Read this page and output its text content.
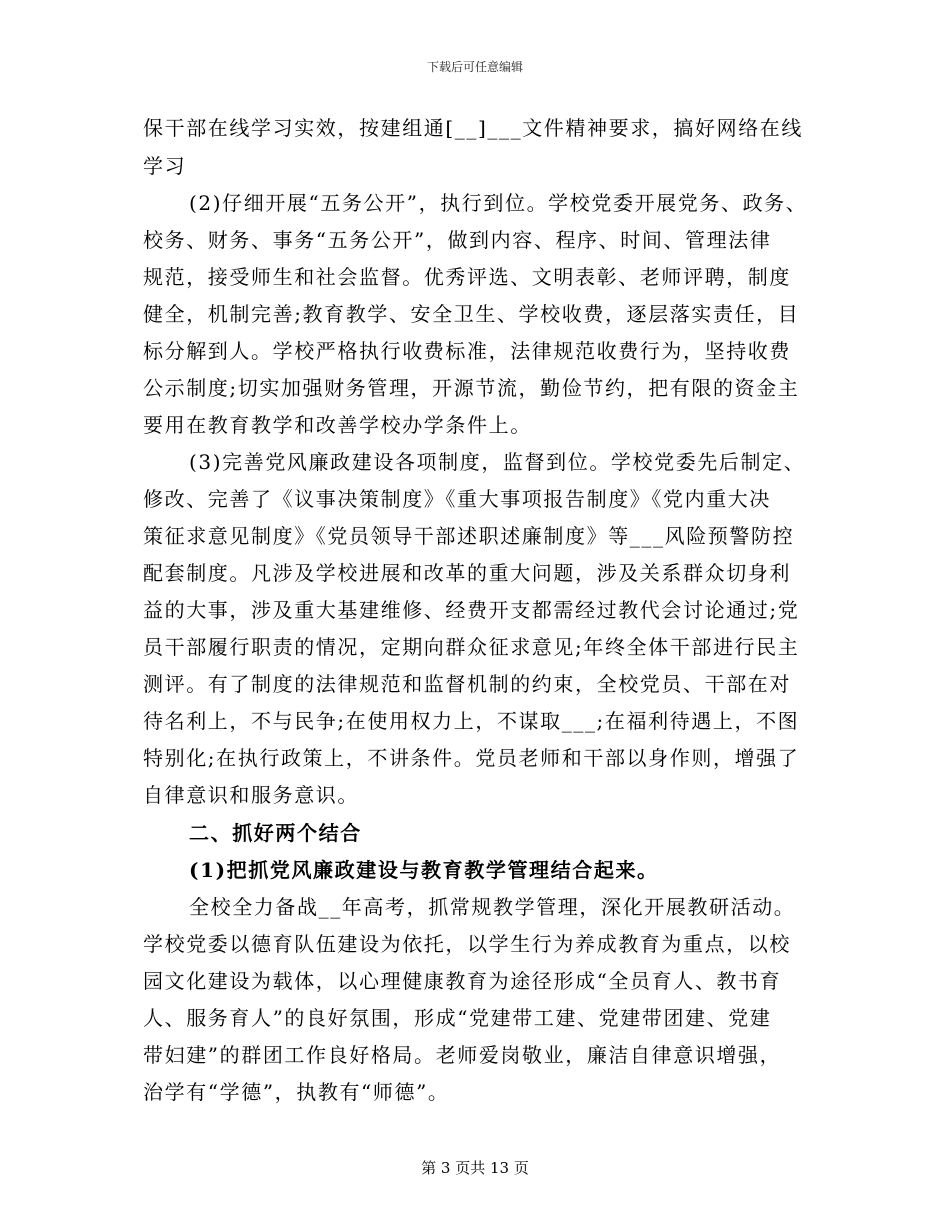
下载后可任意编辑
保干部在线学习实效，按建组通[__]___文件精神要求，搞好网络在线
学习
(2)仔细开展“五务公开”，执行到位。学校党委开展党务、政务、
校务、财务、事务“五务公开”，做到内容、程序、时间、管理法律
规范，接受师生和社会监督。优秀评选、文明表彰、老师评聘，制度
健全，机制完善;教育教学、安全卫生、学校收费，逐层落实责任，目
标分解到人。学校严格执行收费标准，法律规范收费行为，坚持收费
公示制度;切实加强财务管理，开源节流，勤俭节约，把有限的资金主
要用在教育教学和改善学校办学条件上。
(3)完善党风廉政建设各项制度，监督到位。学校党委先后制定、
修改、完善了《议事决策制度》《重大事项报告制度》《党内重大决
策征求意见制度》《党员领导干部述职述廉制度》等___风险预警防控
配套制度。凡涉及学校进展和改革的重大问题，涉及关系群众切身利
益的大事，涉及重大基建维修、经费开支都需经过教代会讨论通过;党
员干部履行职责的情况，定期向群众征求意见;年终全体干部进行民主
测评。有了制度的法律规范和监督机制的约束，全校党员、干部在对
待名利上，不与民争;在使用权力上，不谋取___;在福利待遇上，不图
特别化;在执行政策上，不讲条件。党员老师和干部以身作则，增强了
自律意识和服务意识。
二、抓好两个结合
(1)把抓党风廉政建设与教育教学管理结合起来。
全校全力备战__年高考，抓常规教学管理，深化开展教研活动。
学校党委以德育队伍建设为依托，以学生行为养成教育为重点，以校
园文化建设为载体，以心理健康教育为途径形成“全员育人、教书育
人、服务育人”的良好氛围，形成“党建带工建、党建带团建、党建
带妇建”的群团工作良好格局。老师爱岗敬业，廉洁自律意识增强，
治学有“学德”，执教有“师德”。
第 3 页共 13 页
